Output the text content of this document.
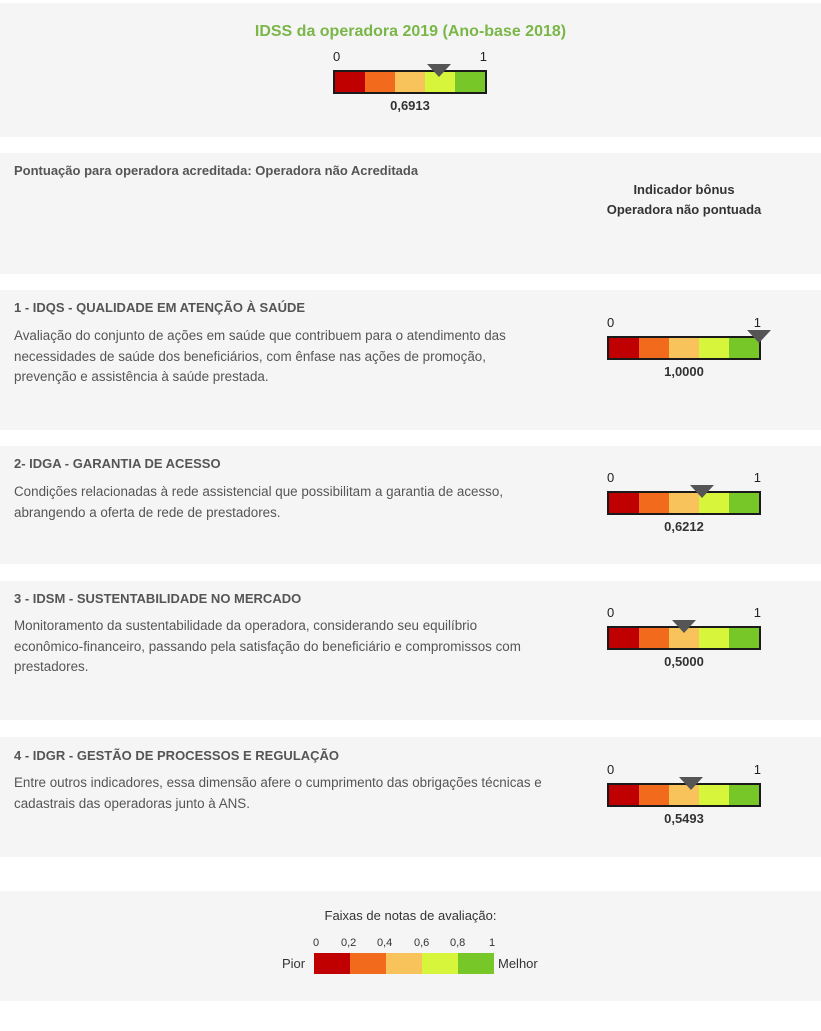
IDSS da operadora 2019 (Ano-base 2018)
0	1
0,6913
Pontuação para operadora acreditada: Operadora não Acreditada
Indicador bônus
Operadora não pontuada
1 - IDQS - QUALIDADE EM ATENÇÃO À SAÚDE
Avaliação do conjunto de ações em saúde que contribuem para o atendimento das necessidades de saúde dos beneficiários, com ênfase nas ações de promoção, prevenção e assistência à saúde prestada.
0	1
1,0000
2- IDGA - GARANTIA DE ACESSO
Condições relacionadas à rede assistencial que possibilitam a garantia de acesso, abrangendo a oferta de rede de prestadores.
0	1
0,6212
3 - IDSM - SUSTENTABILIDADE NO MERCADO
Monitoramento da sustentabilidade da operadora, considerando seu equilíbrio econômico-financeiro, passando pela satisfação do beneficiário e compromissos com prestadores.
0	1
0,5000
4 - IDGR - GESTÃO DE PROCESSOS E REGULAÇÃO
Entre outros indicadores, essa dimensão afere o cumprimento das obrigações técnicas e cadastrais das operadoras junto à ANS.
0	1
0,5493
Faixas de notas de avaliação:
0 0,2 0,4 0,6 0,8 1
Pior	Melhor
